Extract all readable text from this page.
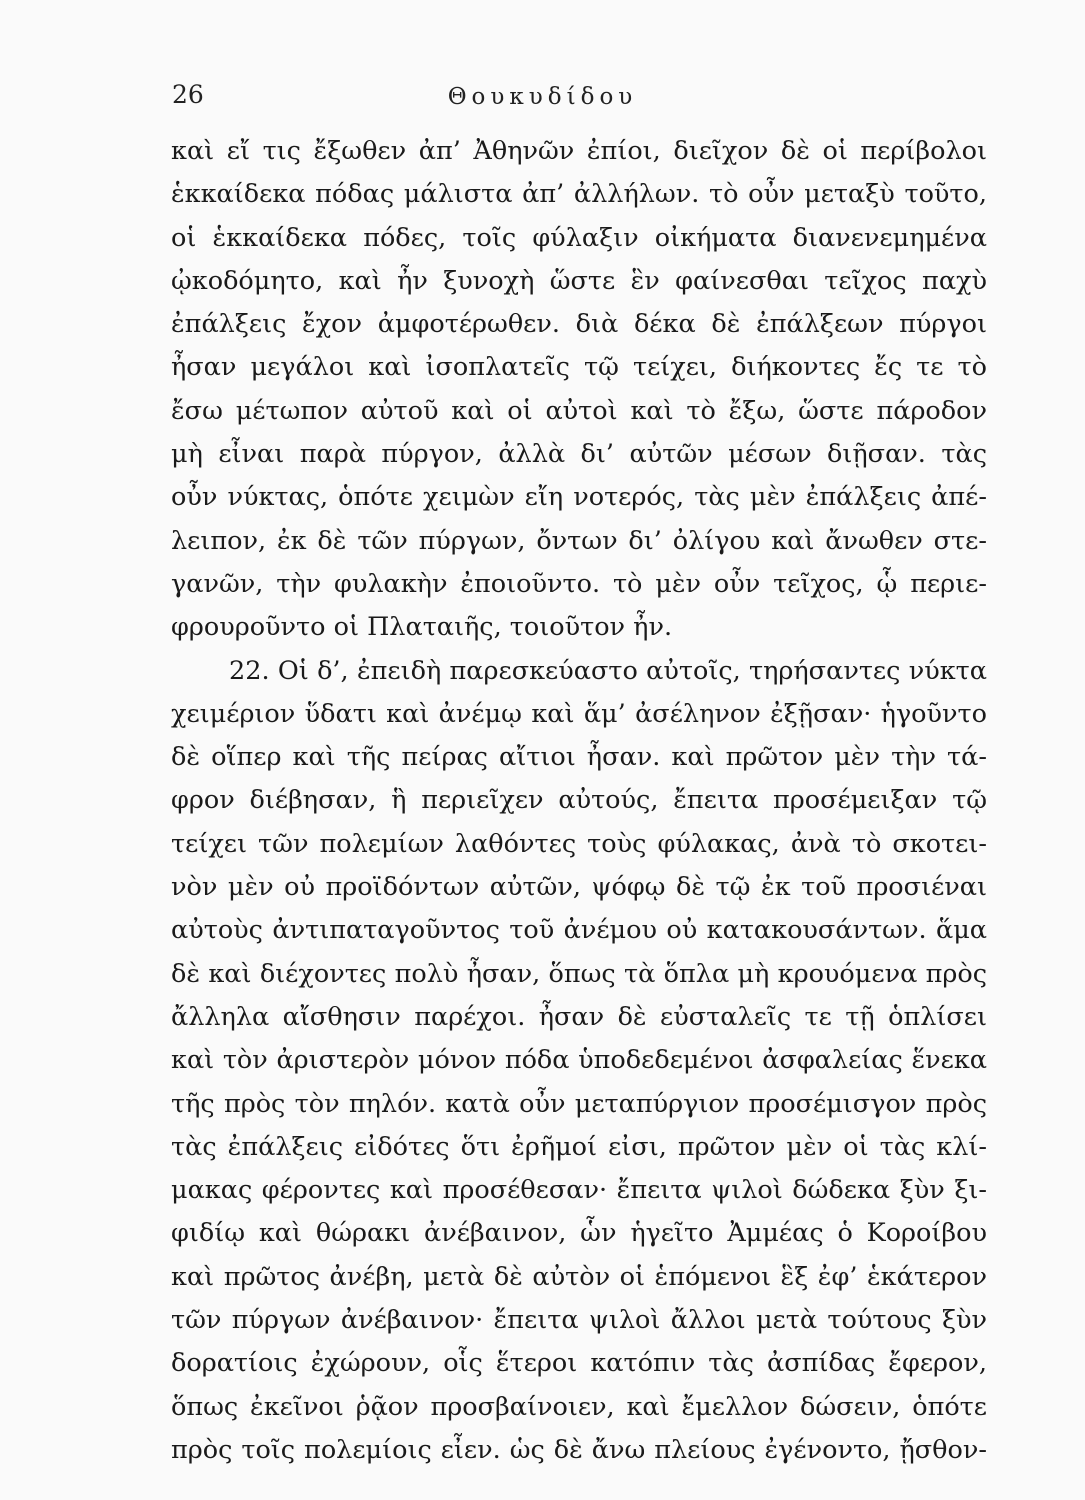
26	Θουκυδίδου
καὶ εἴ τις ἔξωθεν ἀπ’ Ἀθηνῶν ἐπίοι, διεῖχον δὲ οἱ περίβολοι
ἑκκαίδεκα πόδας μάλιστα ἀπ’ ἀλλήλων. τὸ οὖν μεταξὺ τοῦτο,
οἱ ἑκκαίδεκα πόδες, τοῖς φύλαξιν οἰκήματα διανενεμημένα
ᾠκοδόμητο, καὶ ἦν ξυνοχὴ ὥστε ἓν φαίνεσθαι τεῖχος παχὺ
ἐπάλξεις ἔχον ἀμφοτέρωθεν. διὰ δέκα δὲ ἐπάλξεων πύργοι
ἦσαν μεγάλοι καὶ ἰσοπλατεῖς τῷ τείχει, διήκοντες ἔς τε τὸ
ἔσω μέτωπον αὐτοῦ καὶ οἱ αὐτοὶ καὶ τὸ ἔξω, ὥστε πάροδον
μὴ εἶναι παρὰ πύργον, ἀλλὰ δι’ αὐτῶν μέσων διῇσαν. τὰς
οὖν νύκτας, ὁπότε χειμὼν εἴη νοτερός, τὰς μὲν ἐπάλξεις ἀπέ-
λειπον, ἐκ δὲ τῶν πύργων, ὄντων δι’ ὀλίγου καὶ ἄνωθεν στε-
γανῶν, τὴν φυλακὴν ἐποιοῦντο. τὸ μὲν οὖν τεῖχος, ᾧ περιε-
φρουροῦντο οἱ Πλαταιῆς, τοιοῦτον ἦν.
22. Οἱ δ’, ἐπειδὴ παρεσκεύαστο αὐτοῖς, τηρήσαντες νύκτα
χειμέριον ὕδατι καὶ ἀνέμῳ καὶ ἅμ’ ἀσέληνον ἐξῇσαν· ἡγοῦντο
δὲ οἵπερ καὶ τῆς πείρας αἴτιοι ἦσαν. καὶ πρῶτον μὲν τὴν τά-
φρον διέβησαν, ἣ περιεῖχεν αὐτούς, ἔπειτα προσέμειξαν τῷ
τείχει τῶν πολεμίων λαθόντες τοὺς φύλακας, ἀνὰ τὸ σκοτει-
νὸν μὲν οὐ προϊδόντων αὐτῶν, ψόφῳ δὲ τῷ ἐκ τοῦ προσιέναι
αὐτοὺς ἀντιπαταγοῦντος τοῦ ἀνέμου οὐ κατακουσάντων. ἅμα
δὲ καὶ διέχοντες πολὺ ἦσαν, ὅπως τὰ ὅπλα μὴ κρουόμενα πρὸς
ἄλληλα αἴσθησιν παρέχοι. ἦσαν δὲ εὐσταλεῖς τε τῇ ὁπλίσει
καὶ τὸν ἀριστερὸν μόνον πόδα ὑποδεδεμένοι ἀσφαλείας ἕνεκα
τῆς πρὸς τὸν πηλόν. κατὰ οὖν μεταπύργιον προσέμισγον πρὸς
τὰς ἐπάλξεις εἰδότες ὅτι ἐρῆμοί εἰσι, πρῶτον μὲν οἱ τὰς κλί-
μακας φέροντες καὶ προσέθεσαν· ἔπειτα ψιλοὶ δώδεκα ξὺν ξι-
φιδίῳ καὶ θώρακι ἀνέβαινον, ὧν ἡγεῖτο Ἀμμέας ὁ Κοροίβου
καὶ πρῶτος ἀνέβη, μετὰ δὲ αὐτὸν οἱ ἑπόμενοι ἓξ ἐφ’ ἑκάτερον
τῶν πύργων ἀνέβαινον· ἔπειτα ψιλοὶ ἄλλοι μετὰ τούτους ξὺν
δορατίοις ἐχώρουν, οἷς ἕτεροι κατόπιν τὰς ἀσπίδας ἔφερον,
ὅπως ἐκεῖνοι ῥᾷον προσβαίνοιεν, καὶ ἔμελλον δώσειν, ὁπότε
πρὸς τοῖς πολεμίοις εἶεν. ὡς δὲ ἄνω πλείους ἐγένοντο, ᾔσθον-
